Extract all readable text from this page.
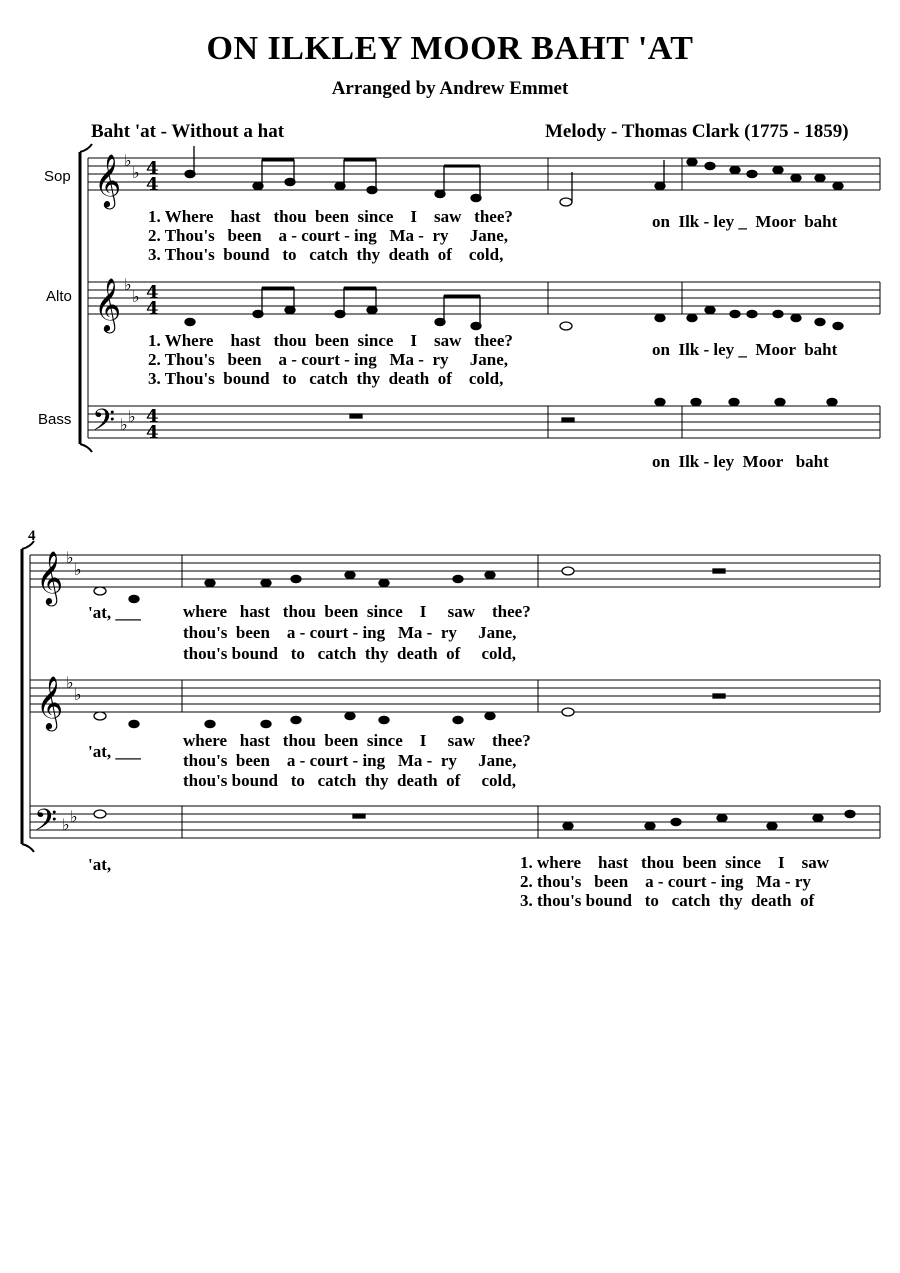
ON ILKLEY MOOR BAHT 'AT
Arranged by Andrew Emmet
Baht 'at - Without a hat	Melody - Thomas Clark (1775 - 1859)
Sop
Alto
Bass
4
𝄞
𝄞
𝄢
♭
♭
♭
♭
♭ ♭
4
4
4
4
4
4
𝄞
𝄞
𝄢
♭
♭
♭
♭
♭ ♭
1. Where    hast   thou  been  since    I    saw   thee?
2. Thou's   been    a - court - ing   Ma -  ry     Jane,
3. Thou's  bound   to   catch  thy  death  of    cold,
on  Ilk - ley _  Moor  baht
1. Where    hast   thou  been  since    I    saw   thee?
2. Thou's   been    a - court - ing   Ma -  ry     Jane,
3. Thou's  bound   to   catch  thy  death  of    cold,
on  Ilk - ley _  Moor  baht
on  Ilk - ley  Moor   baht
'at, ___ where   hast   thou  been  since    I     saw    thee?
thou's  been    a - court - ing   Ma -  ry     Jane,
thou's bound   to   catch  thy  death  of     cold,
'at, ___
where   hast   thou  been  since    I     saw    thee?
thou's  been    a - court - ing   Ma -  ry     Jane,
thou's bound   to   catch  thy  death  of     cold,
'at,	1. where    hast   thou  been  since    I    saw
2. thou's   been    a - court - ing   Ma - ry
3. thou's bound   to   catch  thy  death  of
